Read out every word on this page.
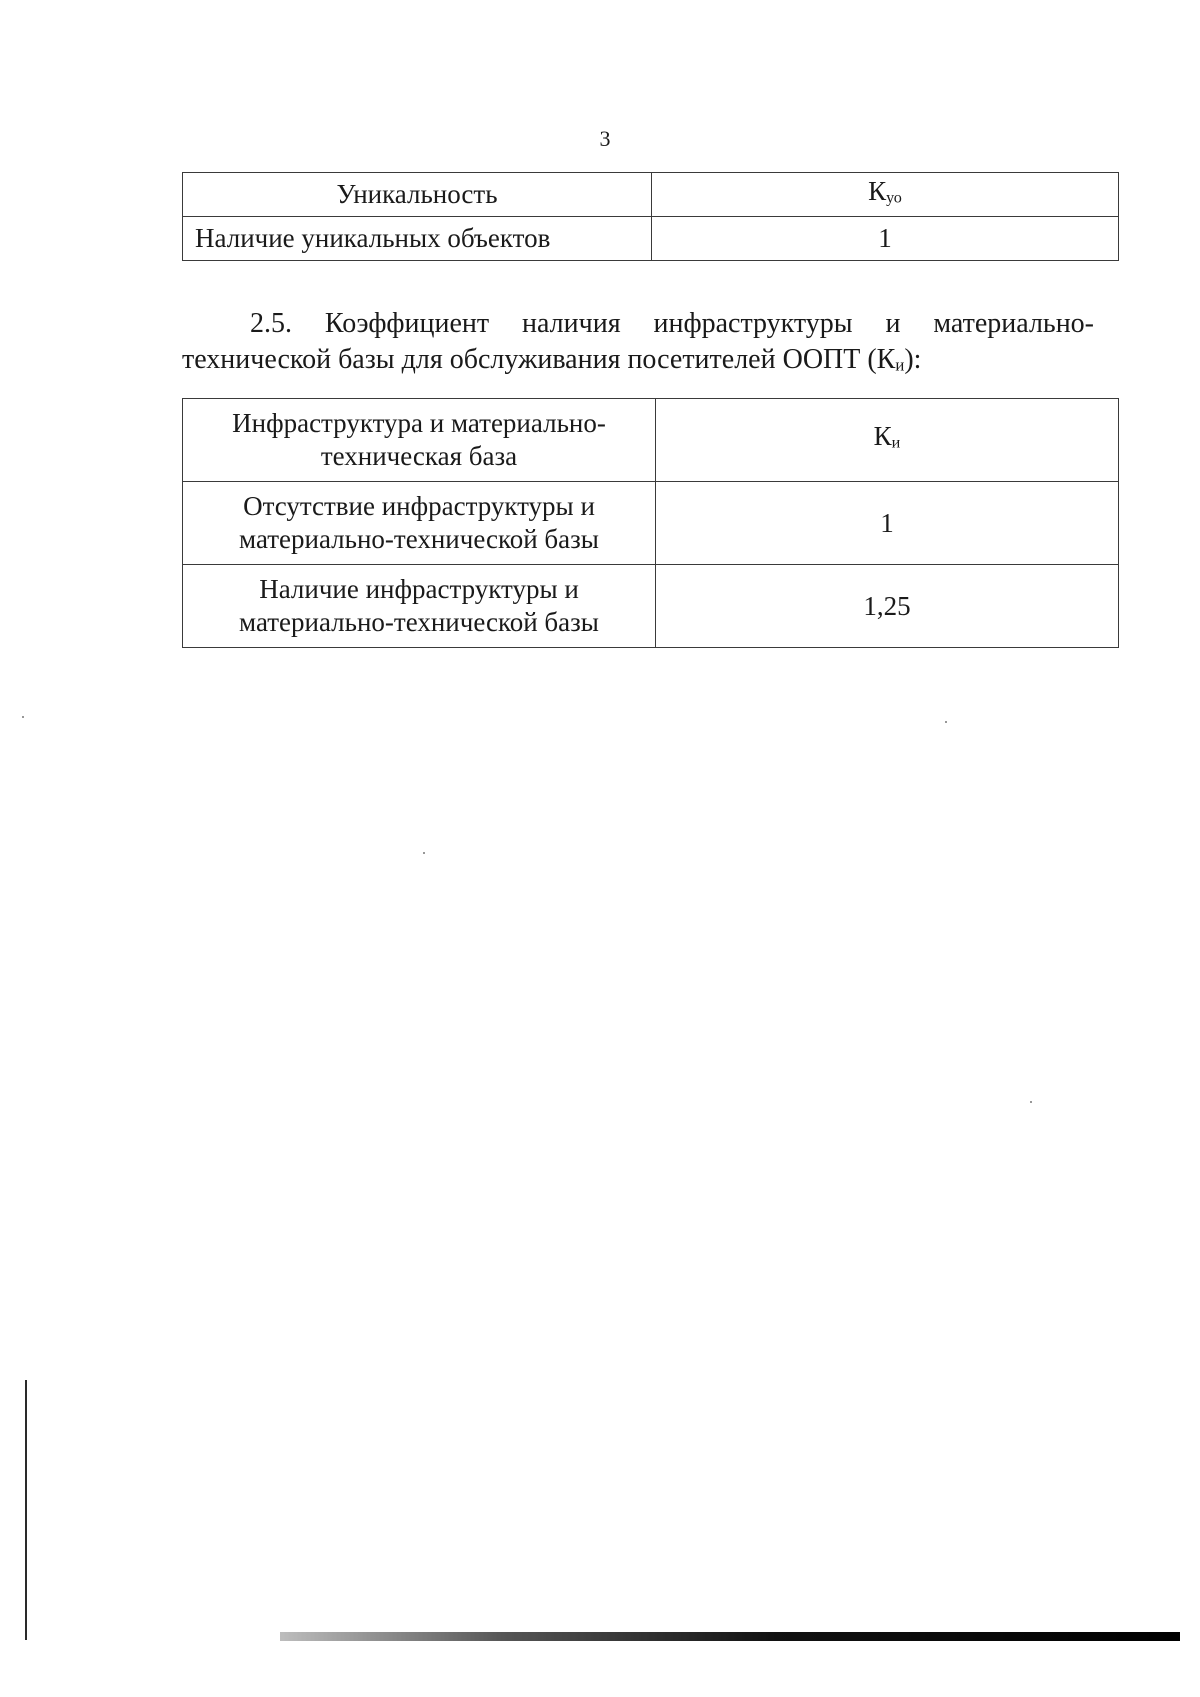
3
Уникальность	$К_{уо}$
Наличие уникальных объектов	1

2.5. Коэффициент наличия инфраструктуры и материально-
технической базы для обслуживания посетителей ООПТ $(К_и)$:

Инфраструктура и материально-
техническая база	$К_и$

Отсутствие инфраструктуры и
материально-технической базы	1

Наличие инфраструктуры и
материально-технической базы	1,25
